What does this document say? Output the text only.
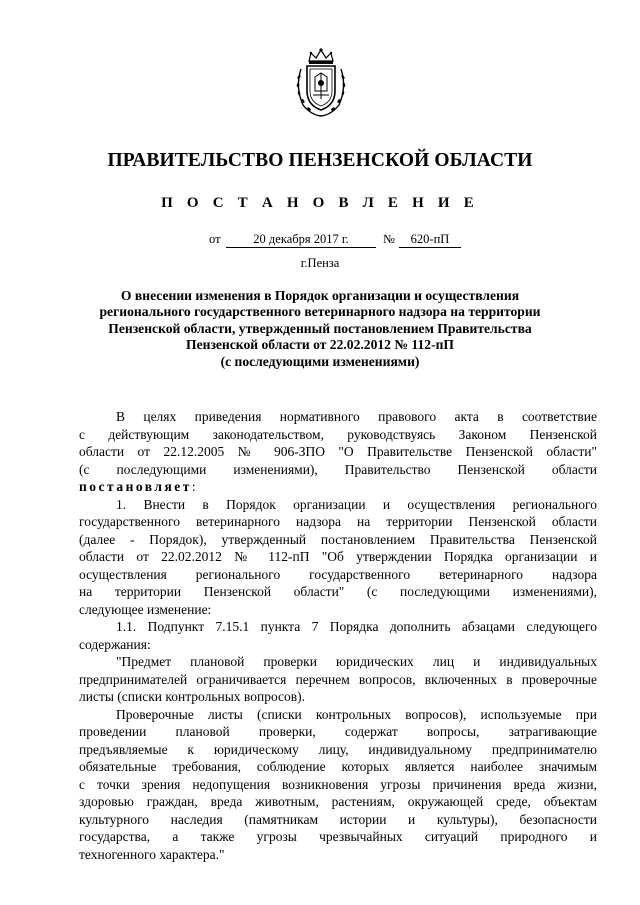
ПРАВИТЕЛЬСТВО ПЕНЗЕНСКОЙ ОБЛАСТИ
П О С Т А Н О В Л Е Н И Е
от	20 декабря 2017 г.	№	620-пП
г.Пенза
О внесении изменения в Порядок организации и осуществления
регионального государственного ветеринарного надзора на территории
Пензенской области, утвержденный постановлением Правительства
Пензенской области от 22.02.2012 № 112-пП
(с последующими изменениями)
В целях приведения нормативного правового акта в соответствие
с действующим законодательством, руководствуясь Законом Пензенской
области от 22.12.2005 № 906-ЗПО "О Правительстве Пензенской области"
(с последующими изменениями), Правительство Пензенской области
постановляет:
1. Внести в Порядок организации и осуществления регионального
государственного ветеринарного надзора на территории Пензенской области
(далее - Порядок), утвержденный постановлением Правительства Пензенской
области от 22.02.2012 № 112-пП "Об утверждении Порядка организации и
осуществления регионального государственного ветеринарного надзора
на территории Пензенской области" (с последующими изменениями),
следующее изменение:
1.1. Подпункт 7.15.1 пункта 7 Порядка дополнить абзацами следующего
содержания:
"Предмет плановой проверки юридических лиц и индивидуальных
предпринимателей ограничивается перечнем вопросов, включенных в проверочные
листы (списки контрольных вопросов).
Проверочные листы (списки контрольных вопросов), используемые при
проведении плановой проверки, содержат вопросы, затрагивающие
предъявляемые к юридическому лицу, индивидуальному предпринимателю
обязательные требования, соблюдение которых является наиболее значимым
с точки зрения недопущения возникновения угрозы причинения вреда жизни,
здоровью граждан, вреда животным, растениям, окружающей среде, объектам
культурного наследия (памятникам истории и культуры), безопасности
государства, а также угрозы чрезвычайных ситуаций природного и
техногенного характера."
